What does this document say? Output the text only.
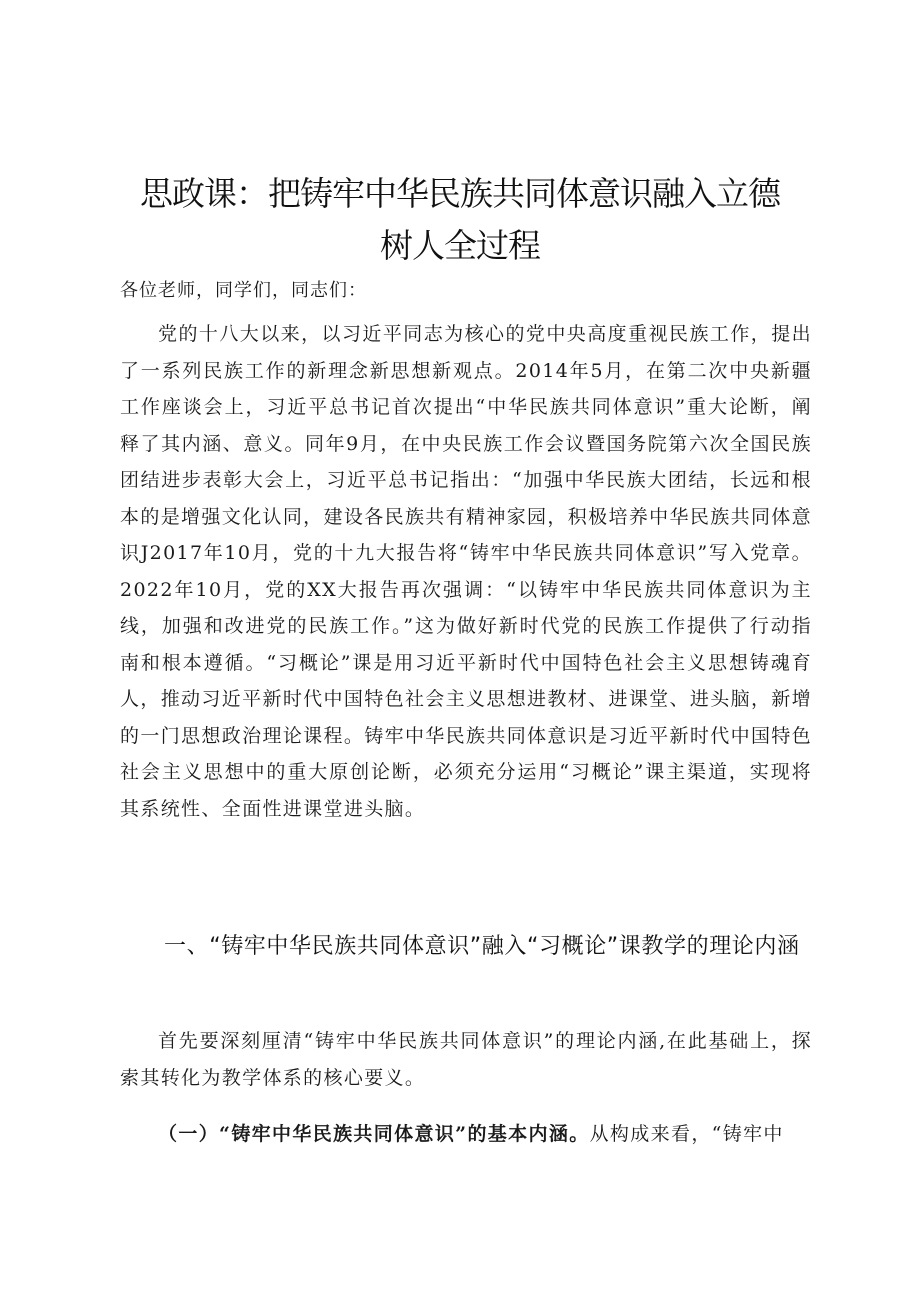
思政课：把铸牢中华民族共同体意识融入立德
树人全过程
各位老师，同学们，同志们：
党的十八大以来，以习近平同志为核心的党中央高度重视民族工作，提出了一系列民族工作的新理念新思想新观点。2014年5月，在第二次中央新疆工作座谈会上，习近平总书记首次提出“中华民族共同体意识”重大论断，阐释了其内涵、意义。同年9月，在中央民族工作会议暨国务院第六次全国民族团结进步表彰大会上，习近平总书记指出：“加强中华民族大团结，长远和根本的是增强文化认同，建设各民族共有精神家园，积极培养中华民族共同体意识J2017年10月，党的十九大报告将“铸牢中华民族共同体意识”写入党章。2022年10月，党的XX大报告再次强调：“以铸牢中华民族共同体意识为主线，加强和改进党的民族工作。”这为做好新时代党的民族工作提供了行动指南和根本遵循。“习概论”课是用习近平新时代中国特色社会主义思想铸魂育人，推动习近平新时代中国特色社会主义思想进教材、进课堂、进头脑，新增的一门思想政治理论课程。铸牢中华民族共同体意识是习近平新时代中国特色社会主义思想中的重大原创论断，必须充分运用“习概论”课主渠道，实现将其系统性、全面性进课堂进头脑。
一、“铸牢中华民族共同体意识”融入“习概论”课教学的理论内涵
首先要深刻厘清“铸牢中华民族共同体意识”的理论内涵,在此基础上，探索其转化为教学体系的核心要义。
（一）“铸牢中华民族共同体意识”的基本内涵。从构成来看，“铸牢中
